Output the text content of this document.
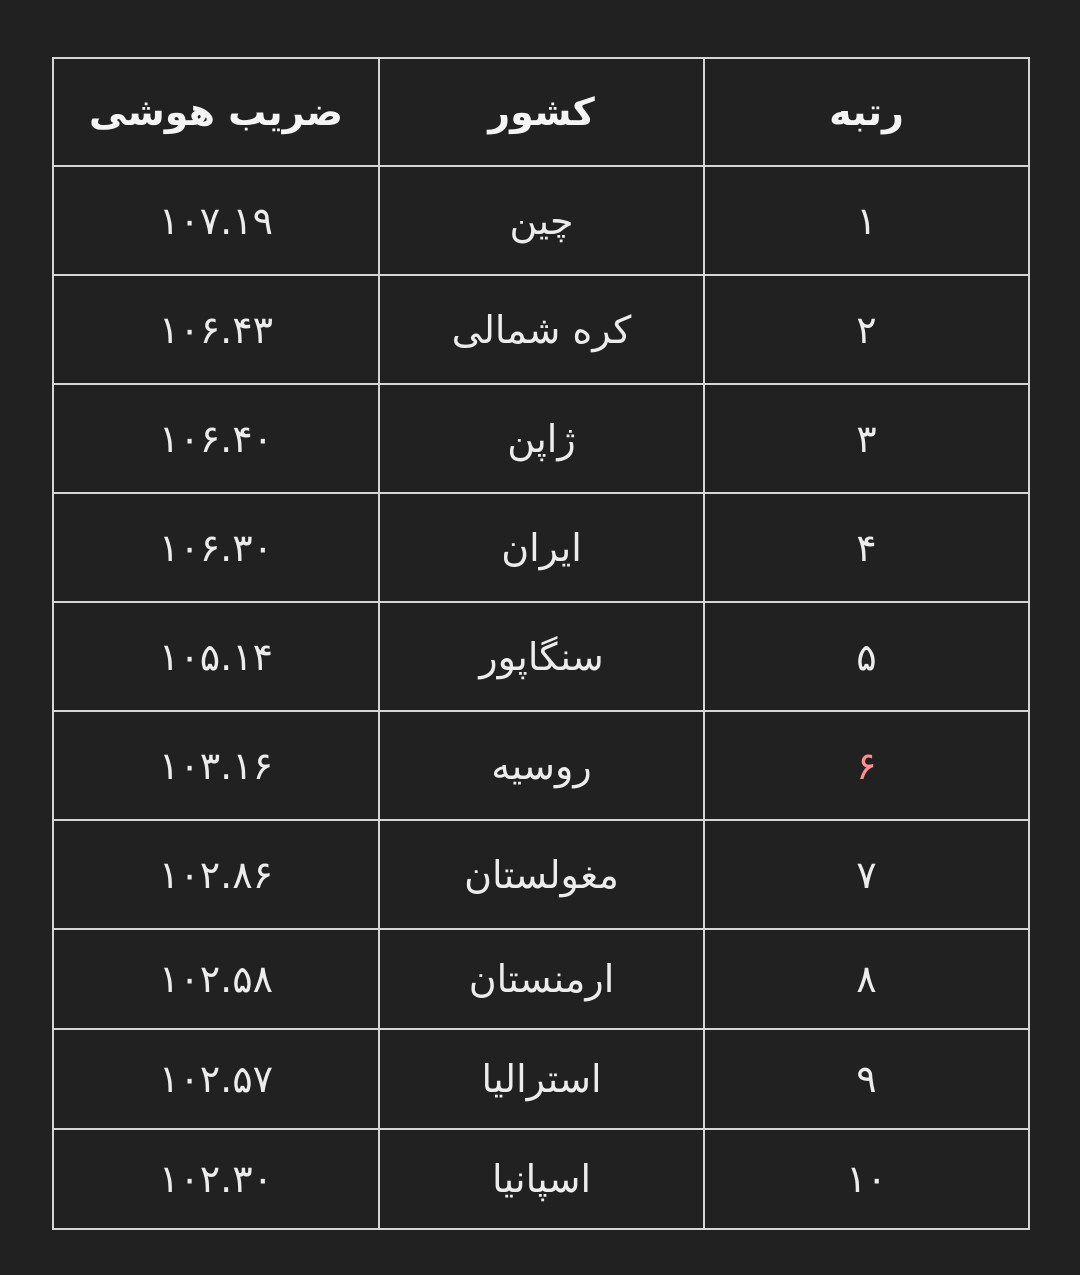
رتبه	کشور	ضریب هوشی
۱	چین	۱۰۷.۱۹
۲	کره شمالی	۱۰۶.۴۳
۳	ژاپن	۱۰۶.۴۰
۴	ایران	۱۰۶.۳۰
۵	سنگاپور	۱۰۵.۱۴
۶	روسیه	۱۰۳.۱۶
۷	مغولستان	۱۰۲.۸۶
۸	ارمنستان	۱۰۲.۵۸
۹	استرالیا	۱۰۲.۵۷
۱۰	اسپانیا	۱۰۲.۳۰
